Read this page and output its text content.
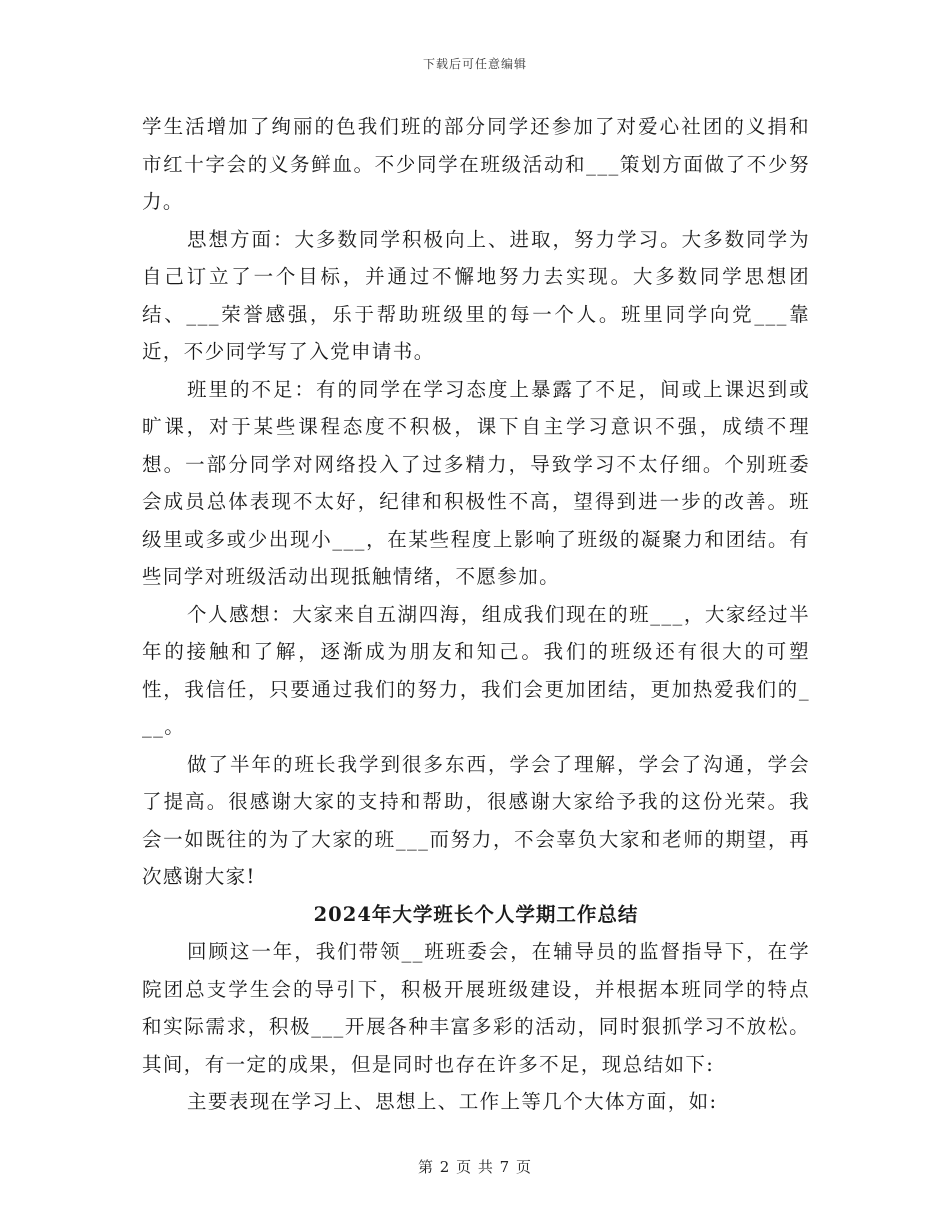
下载后可任意编辑

学生活增加了绚丽的色我们班的部分同学还参加了对爱心社团的义捐和市红十字会的义务鲜血。不少同学在班级活动和___策划方面做了不少努力。

思想方面：大多数同学积极向上、进取，努力学习。大多数同学为自己订立了一个目标，并通过不懈地努力去实现。大多数同学思想团结、___荣誉感强，乐于帮助班级里的每一个人。班里同学向党___靠近，不少同学写了入党申请书。

班里的不足：有的同学在学习态度上暴露了不足，间或上课迟到或旷课，对于某些课程态度不积极，课下自主学习意识不强，成绩不理想。一部分同学对网络投入了过多精力，导致学习不太仔细。个别班委会成员总体表现不太好，纪律和积极性不高，望得到进一步的改善。班级里或多或少出现小___，在某些程度上影响了班级的凝聚力和团结。有些同学对班级活动出现抵触情绪，不愿参加。

个人感想：大家来自五湖四海，组成我们现在的班___，大家经过半年的接触和了解，逐渐成为朋友和知己。我们的班级还有很大的可塑性，我信任，只要通过我们的努力，我们会更加团结，更加热爱我们的___。

做了半年的班长我学到很多东西，学会了理解，学会了沟通，学会了提高。很感谢大家的支持和帮助，很感谢大家给予我的这份光荣。我会一如既往的为了大家的班___而努力，不会辜负大家和老师的期望，再次感谢大家!

2024年大学班长个人学期工作总结

回顾这一年，我们带领__班班委会，在辅导员的监督指导下，在学院团总支学生会的导引下，积极开展班级建设，并根据本班同学的特点和实际需求，积极___开展各种丰富多彩的活动，同时狠抓学习不放松。其间，有一定的成果，但是同时也存在许多不足，现总结如下:

主要表现在学习上、思想上、工作上等几个大体方面，如:

第 2 页 共 7 页
